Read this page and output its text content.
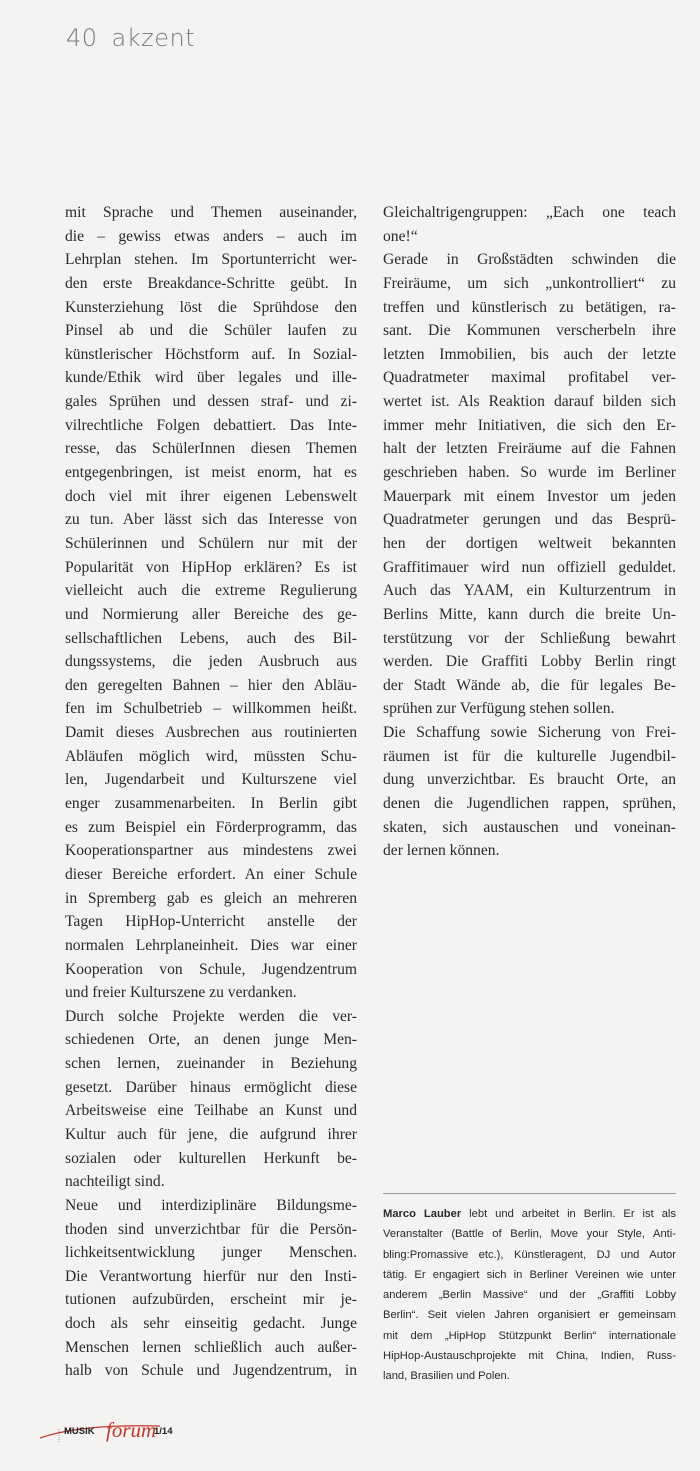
40 akzent
mit Sprache und Themen auseinander,
die – gewiss etwas anders – auch im
Lehrplan stehen. Im Sportunterricht wer-
den erste Breakdance-Schritte geübt. In
Kunsterziehung löst die Sprühdose den
Pinsel ab und die Schüler laufen zu
künstlerischer Höchstform auf. In Sozial-
kunde/Ethik wird über legales und ille-
gales Sprühen und dessen straf- und zi-
vilrechtliche Folgen debattiert. Das Inte-
resse, das SchülerInnen diesen Themen
entgegenbringen, ist meist enorm, hat es
doch viel mit ihrer eigenen Lebenswelt
zu tun. Aber lässt sich das Interesse von
Schülerinnen und Schülern nur mit der
Popularität von HipHop erklären? Es ist
vielleicht auch die extreme Regulierung
und Normierung aller Bereiche des ge-
sellschaftlichen Lebens, auch des Bil-
dungssystems, die jeden Ausbruch aus
den geregelten Bahnen – hier den Abläu-
fen im Schulbetrieb – willkommen heißt.
Damit dieses Ausbrechen aus routinierten
Abläufen möglich wird, müssten Schu-
len, Jugendarbeit und Kulturszene viel
enger zusammenarbeiten. In Berlin gibt
es zum Beispiel ein Förderprogramm, das
Kooperationspartner aus mindestens zwei
dieser Bereiche erfordert. An einer Schule
in Spremberg gab es gleich an mehreren
Tagen HipHop-Unterricht anstelle der
normalen Lehrplaneinheit. Dies war einer
Kooperation von Schule, Jugendzentrum
und freier Kulturszene zu verdanken.
Durch solche Projekte werden die ver-
schiedenen Orte, an denen junge Men-
schen lernen, zueinander in Beziehung
gesetzt. Darüber hinaus ermöglicht diese
Arbeitsweise eine Teilhabe an Kunst und
Kultur auch für jene, die aufgrund ihrer
sozialen oder kulturellen Herkunft be-
nachteiligt sind.
Neue und interdiziplinäre Bildungsme-
thoden sind unverzichtbar für die Persön-
lichkeitsentwicklung junger Menschen.
Die Verantwortung hierfür nur den Insti-
tutionen aufzubürden, erscheint mir je-
doch als sehr einseitig gedacht. Junge
Menschen lernen schließlich auch außer-
halb von Schule und Jugendzentrum, in
Gleichaltrigengruppen: „Each one teach
one!“
Gerade in Großstädten schwinden die
Freiräume, um sich „unkontrolliert“ zu
treffen und künstlerisch zu betätigen, ra-
sant. Die Kommunen verscherbeln ihre
letzten Immobilien, bis auch der letzte
Quadratmeter maximal profitabel ver-
wertet ist. Als Reaktion darauf bilden sich
immer mehr Initiativen, die sich den Er-
halt der letzten Freiräume auf die Fahnen
geschrieben haben. So wurde im Berliner
Mauerpark mit einem Investor um jeden
Quadratmeter gerungen und das Besprü-
hen der dortigen weltweit bekannten
Graffitimauer wird nun offiziell geduldet.
Auch das YAAM, ein Kulturzentrum in
Berlins Mitte, kann durch die breite Un-
terstützung vor der Schließung bewahrt
werden. Die Graffiti Lobby Berlin ringt
der Stadt Wände ab, die für legales Be-
sprühen zur Verfügung stehen sollen.
Die Schaffung sowie Sicherung von Frei-
räumen ist für die kulturelle Jugendbil-
dung unverzichtbar. Es braucht Orte, an
denen die Jugendlichen rappen, sprühen,
skaten, sich austauschen und voneinan-
der lernen können.
Marco Lauber lebt und arbeitet in Berlin. Er ist als
Veranstalter (Battle of Berlin, Move your Style, Anti-
bling:Promassive etc.), Künstleragent, DJ und Autor
tätig. Er engagiert sich in Berliner Vereinen wie unter
anderem „Berlin Massive“ und der „Graffiti Lobby
Berlin“. Seit vielen Jahren organisiert er gemeinsam
mit dem „HipHop Stützpunkt Berlin“ internationale
HipHop-Austauschprojekte mit China, Indien, Russ-
land, Brasilien und Polen.
MUSIK forum
1/14
